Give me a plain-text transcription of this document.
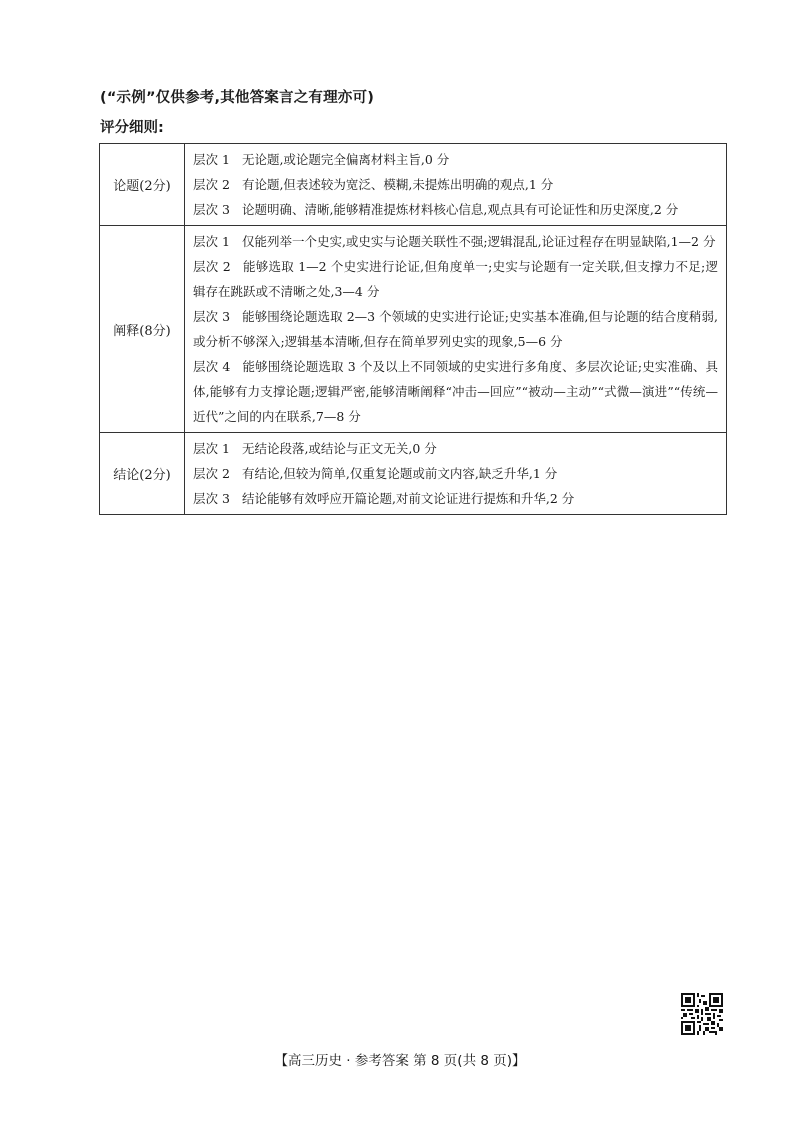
(“示例”仅供参考,其他答案言之有理亦可)
评分细则:
论题(2分)	层次 1 无论题,或论题完全偏离材料主旨,0 分
层次 2 有论题,但表述较为宽泛、模糊,未提炼出明确的观点,1 分
层次 3 论题明确、清晰,能够精准提炼材料核心信息,观点具有可论证性和历史深度,2 分

阐释(8分)	层次 1 仅能列举一个史实,或史实与论题关联性不强;逻辑混乱,论证过程存在明显缺陷,1—2 分
层次 2 能够选取 1—2 个史实进行论证,但角度单一;史实与论题有一定关联,但支撑力不足;逻辑存在跳跃或不清晰之处,3—4 分
层次 3 能够围绕论题选取 2—3 个领域的史实进行论证;史实基本准确,但与论题的结合度稍弱,或分析不够深入;逻辑基本清晰,但存在简单罗列史实的现象,5—6 分
层次 4 能够围绕论题选取 3 个及以上不同领域的史实进行多角度、多层次论证;史实准确、具体,能够有力支撑论题;逻辑严密,能够清晰阐释“冲击—回应”“被动—主动”“式微—演进”“传统—近代”之间的内在联系,7—8 分

结论(2分)	层次 1 无结论段落,或结论与正文无关,0 分
层次 2 有结论,但较为简单,仅重复论题或前文内容,缺乏升华,1 分
层次 3 结论能够有效呼应开篇论题,对前文论证进行提炼和升华,2 分
【高三历史 · 参考答案 第 8 页(共 8 页)】
